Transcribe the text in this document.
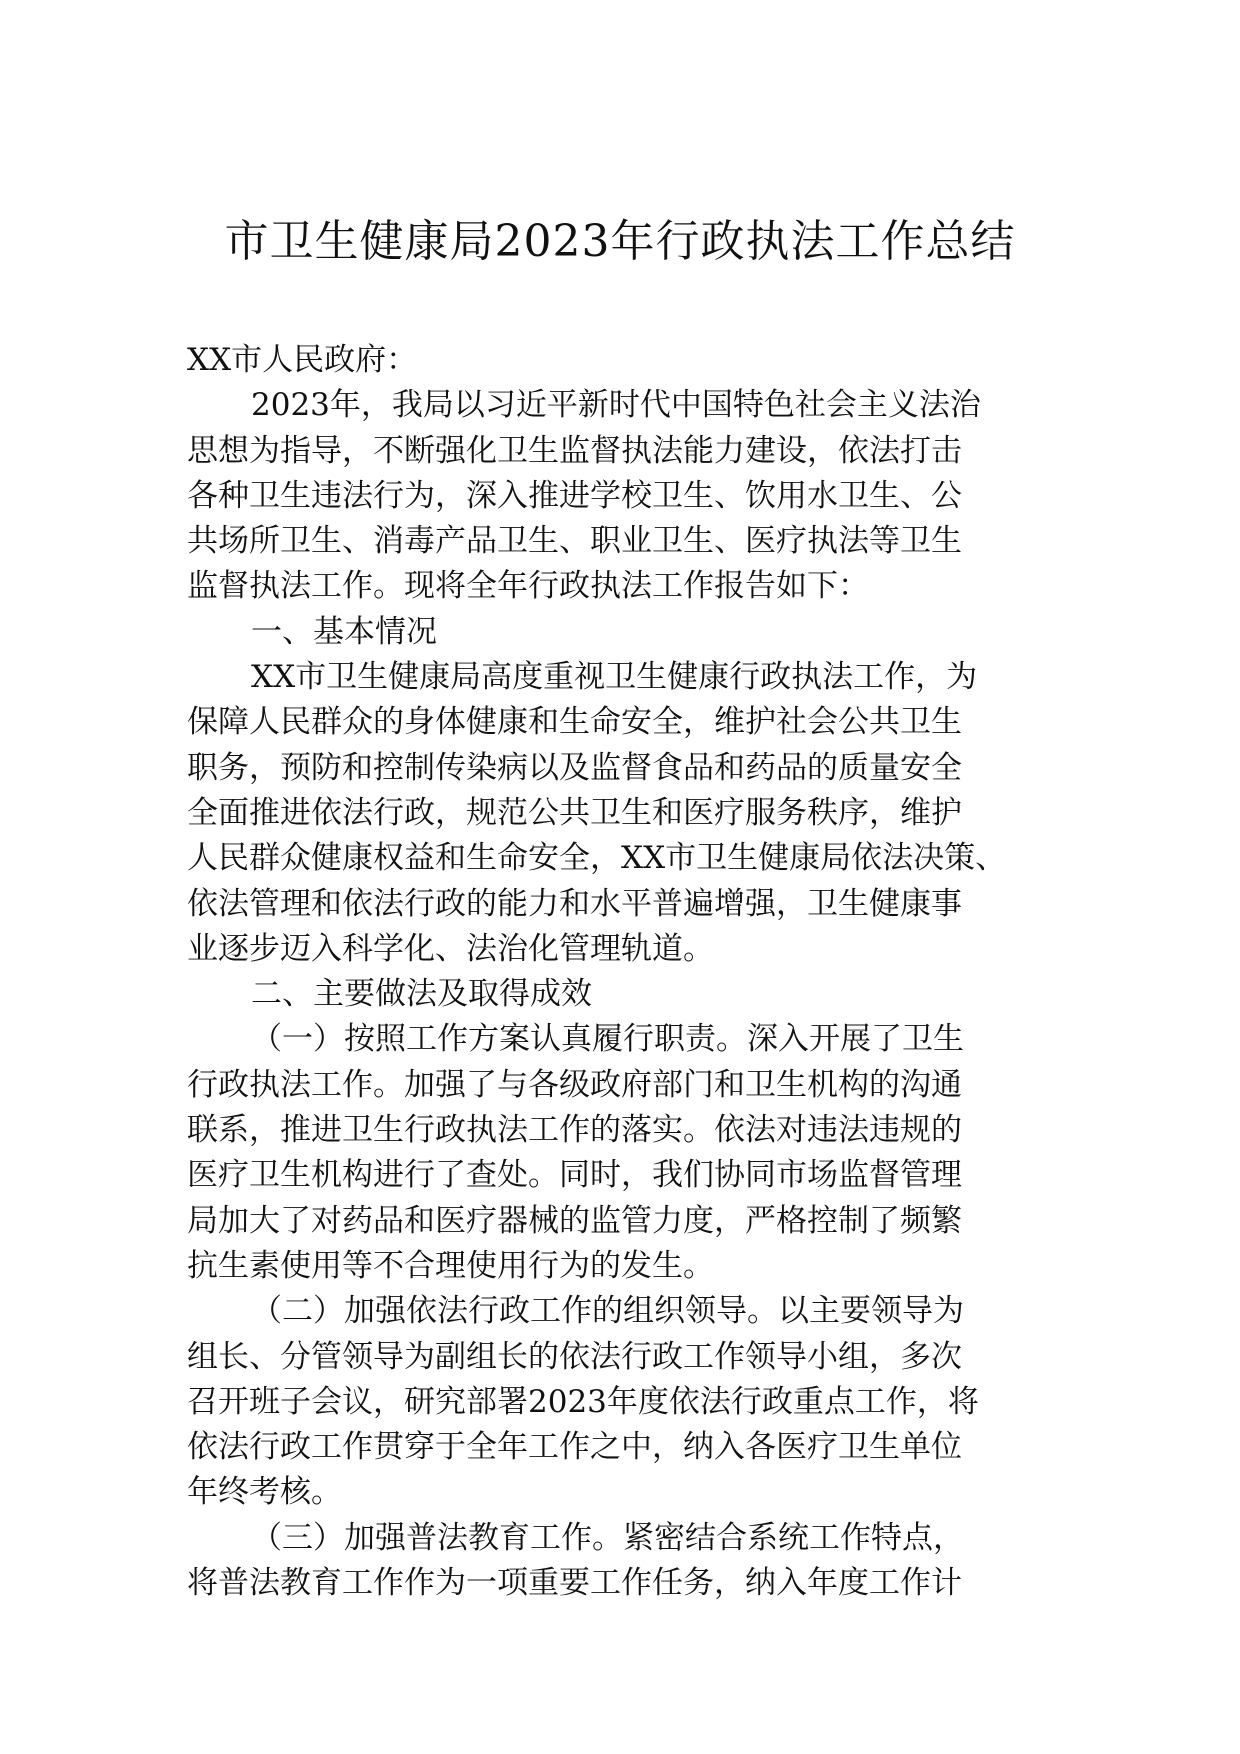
市卫生健康局2023年行政执法工作总结
XX市人民政府：
2023年，我局以习近平新时代中国特色社会主义法治
思想为指导，不断强化卫生监督执法能力建设，依法打击
各种卫生违法行为，深入推进学校卫生、饮用水卫生、公
共场所卫生、消毒产品卫生、职业卫生、医疗执法等卫生
监督执法工作。现将全年行政执法工作报告如下：
一、基本情况
XX市卫生健康局高度重视卫生健康行政执法工作，为
保障人民群众的身体健康和生命安全，维护社会公共卫生
职务，预防和控制传染病以及监督食品和药品的质量安全
全面推进依法行政，规范公共卫生和医疗服务秩序，维护
人民群众健康权益和生命安全，XX市卫生健康局依法决策、
依法管理和依法行政的能力和水平普遍增强，卫生健康事
业逐步迈入科学化、法治化管理轨道。
二、主要做法及取得成效
（一）按照工作方案认真履行职责。深入开展了卫生
行政执法工作。加强了与各级政府部门和卫生机构的沟通
联系，推进卫生行政执法工作的落实。依法对违法违规的
医疗卫生机构进行了查处。同时，我们协同市场监督管理
局加大了对药品和医疗器械的监管力度，严格控制了频繁
抗生素使用等不合理使用行为的发生。
（二）加强依法行政工作的组织领导。以主要领导为
组长、分管领导为副组长的依法行政工作领导小组，多次
召开班子会议，研究部署2023年度依法行政重点工作，将
依法行政工作贯穿于全年工作之中，纳入各医疗卫生单位
年终考核。
（三）加强普法教育工作。紧密结合系统工作特点，
将普法教育工作作为一项重要工作任务，纳入年度工作计
